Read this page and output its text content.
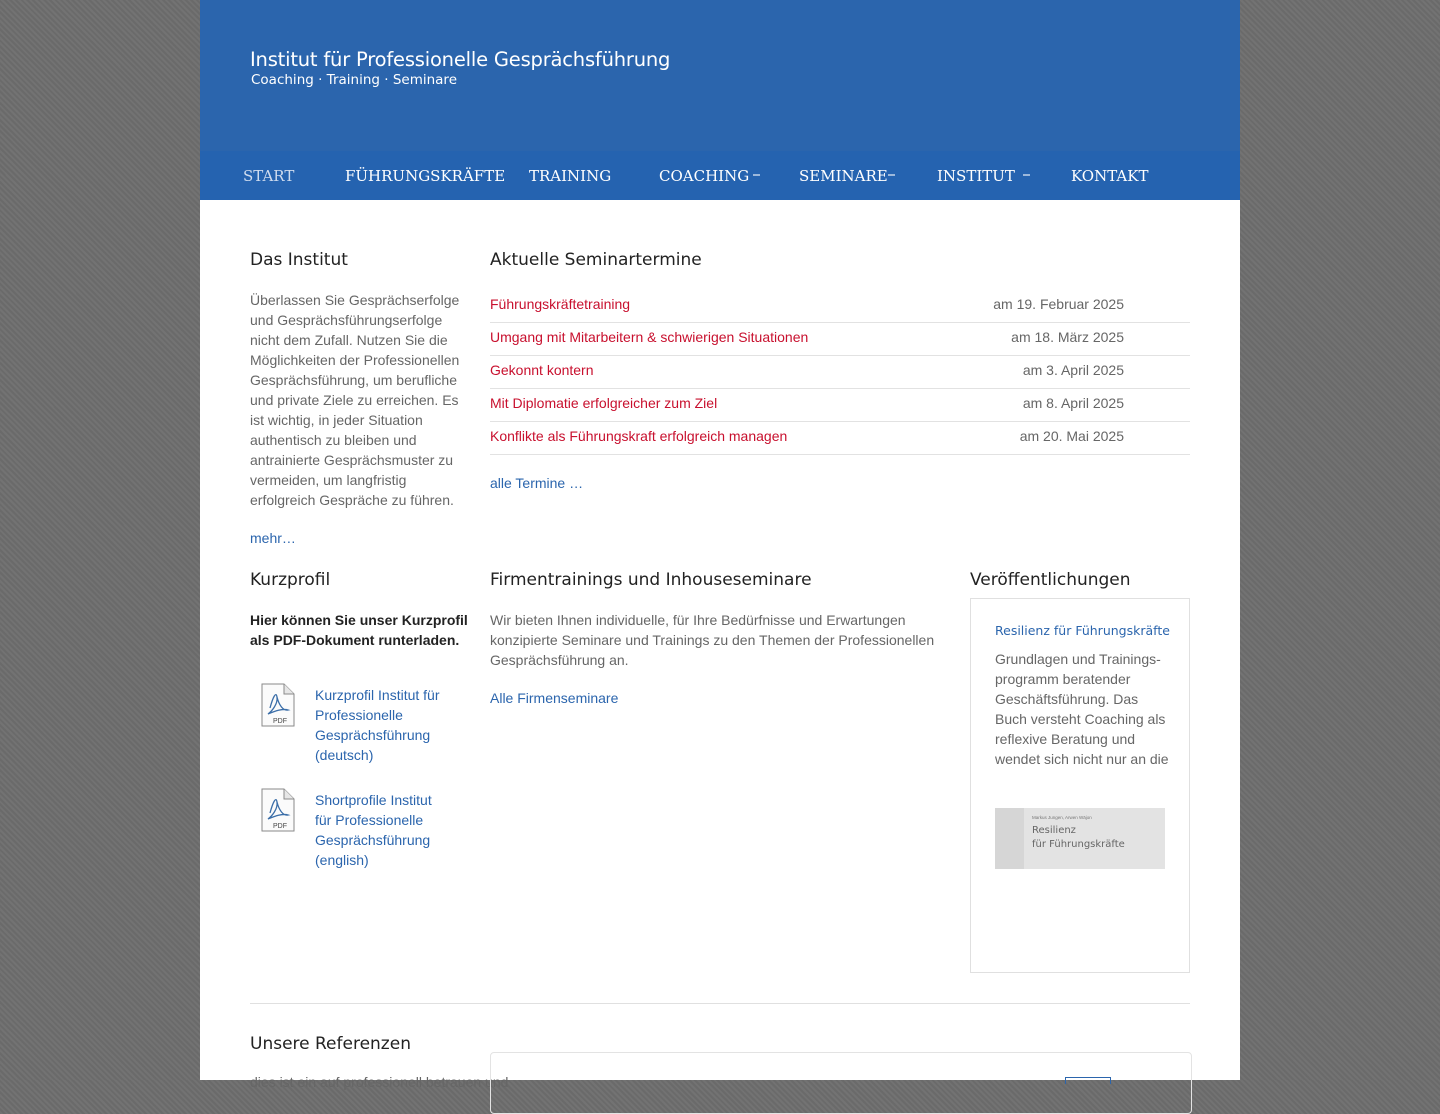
Institut für Professionelle Gesprächsführung
Coaching · Training · Seminare
START	FÜHRUNGSKRÄFTE TRAINING	COACHING	SEMINARE	INSTITUT	KONTAKT
Das Institut
Überlassen Sie Gesprächserfolge und Gesprächsführungserfolge nicht dem Zufall. Nutzen Sie die Möglichkeiten der Professionellen Gesprächsführung, um berufliche und private Ziele zu erreichen. Es ist wichtig, in jeder Situation authentisch zu bleiben und antrainierte Gesprächsmuster zu vermeiden, um langfristig erfolgreich Gespräche zu führen.
mehr…
Aktuelle Seminartermine
Führungskräftetraining	am 19. Februar 2025
Umgang mit Mitarbeitern & schwierigen Situationen	am 18. März 2025
Gekonnt kontern	am 3. April 2025
Mit Diplomatie erfolgreicher zum Ziel	am 8. April 2025
Konflikte als Führungskraft erfolgreich managen	am 20. Mai 2025
alle Termine …
Kurzprofil
Hier können Sie unser Kurzprofil als PDF-Dokument runterladen.
PDF
Kurzprofil Institut für Professionelle Gesprächsführung (deutsch)
PDF
Shortprofile Institut für Professionelle Gesprächsführung (english)
Firmentrainings und Inhouseseminare
Wir bieten Ihnen individuelle, für Ihre Bedürfnisse und Erwartungen konzipierte Seminare und Trainings zu den Themen der Professionellen Gesprächsführung an.
Alle Firmenseminare
Veröffentlichungen
Resilienz für Führungskräfte
Grundlagen und Trainings-programm beratender Geschäftsführung. Das Buch versteht Coaching als reflexive Beratung und wendet sich nicht nur an die
Markus Jungen, Arwen Wäjon
Resilienz
für Führungskräfte
Unsere Referenzen
dies ist ein auf professionell betrauen und
